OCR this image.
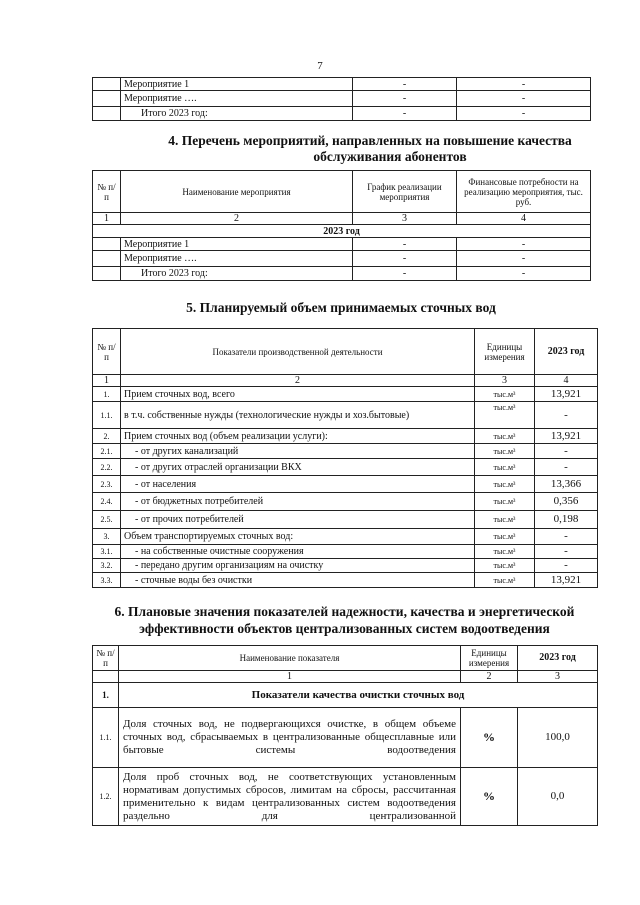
7
	Мероприятие 1	-	-
	Мероприятие ….	-	-
	Итого 2023 год:	-	-
4. Перечень мероприятий, направленных на повышение качества
обслуживания абонентов
№ п/п	Наименование мероприятия	График реализации мероприятия	Финансовые потребности на реализацию мероприятия, тыс. руб.
1	2	3	4
2023 год			
	Мероприятие 1	-	-
	Мероприятие ….	-	-
	Итого 2023 год:	-	-
5. Планируемый объем принимаемых сточных вод
№ п/п	Показатели производственной деятельности	Единицы измерения	2023 год
1	2	3	4
1.	Прием сточных вод, всего	тыс.м³	13,921
1.1.	в т.ч. собственные нужды (технологические нужды и хоз.бытовые)	тыс.м³	-
2.	Прием сточных вод (объем реализации услуги):	тыс.м³	13,921
2.1.	- от других канализаций	тыс.м³	-
2.2.	- от других отраслей организации ВКХ	тыс.м³	-
2.3.	- от населения	тыс.м³	13,366
2.4.	- от бюджетных потребителей	тыс.м³	0,356
2.5.	- от прочих потребителей	тыс.м³	0,198
3.	Объем транспортируемых сточных вод:	тыс.м³	-
3.1.	- на собственные очистные сооружения	тыс.м³	-
3.2.	- передано другим организациям на очистку	тыс.м³	-
3.3.	- сточные воды без очистки	тыс.м³	13,921
6. Плановые значения показателей надежности, качества и энергетической
эффективности объектов централизованных систем водоотведения
№ п/п	Наименование показателя	Единицы измерения	2023 год
	1	2	3
1.	Показатели качества очистки сточных вод		
1.1.	Доля сточных вод, не подвергающихся очистке, в общем объеме сточных вод, сбрасываемых в централизованные общесплавные или бытовые системы водоотведения	%	100,0
1.2.	Доля проб сточных вод, не соответствующих установленным нормативам допустимых сбросов, лимитам на сбросы, рассчитанная применительно к видам централизованных систем водоотведения раздельно для централизованной	%	0,0
